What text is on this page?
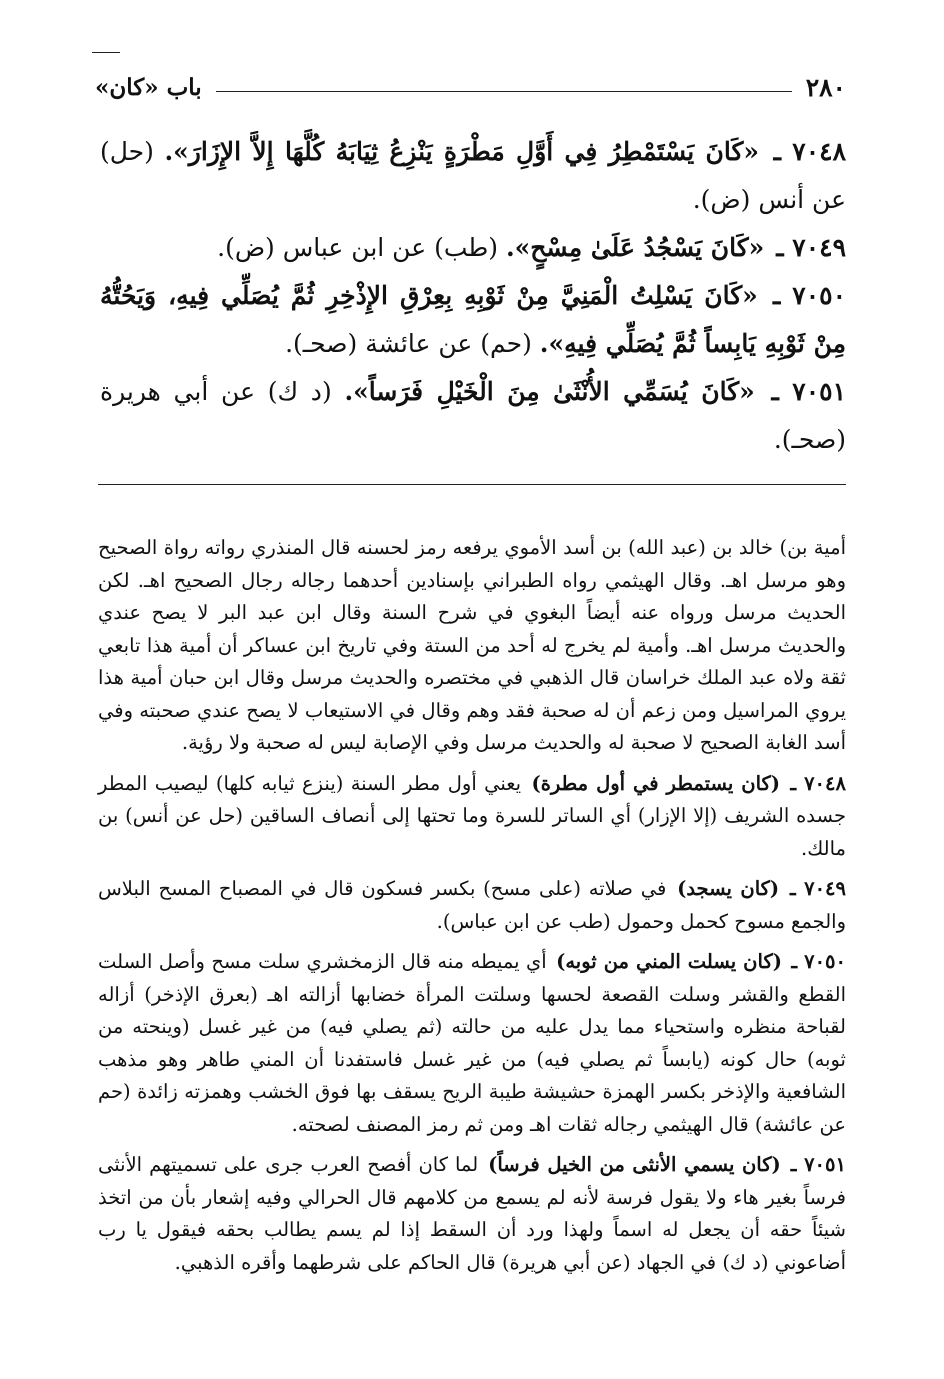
٢٨٠
باب «كان»

٧٠٤٨ ـ «كَانَ يَسْتَمْطِرُ فِي أَوَّلِ مَطْرَةٍ يَنْزِعُ ثِيَابَهُ كُلَّهَا إِلاَّ الإِزَارَ». (حل) عن أنس (ض).

٧٠٤٩ ـ «كَانَ يَسْجُدُ عَلَىٰ مِسْحٍ». (طب) عن ابن عباس (ض).

٧٠٥٠ ـ «كَانَ يَسْلِتُ الْمَنِيَّ مِنْ ثَوْبِهِ بِعِرْقِ الإِذْخِرِ ثُمَّ يُصَلِّي فِيهِ، وَيَحُتُّهُ مِنْ ثَوْبِهِ يَابِساً ثُمَّ يُصَلِّي فِيهِ». (حم) عن عائشة (صحـ).

٧٠٥١ ـ «كَانَ يُسَمِّي الأُنْثَىٰ مِنَ الْخَيْلِ فَرَساً». (د ك) عن أبي هريرة (صحـ).

أمية بن) خالد بن (عبد الله) بن أسد الأموي يرفعه رمز لحسنه قال المنذري رواته رواة الصحيح وهو مرسل اهـ. وقال الهيثمي رواه الطبراني بإسنادين أحدهما رجاله رجال الصحيح اهـ. لكن الحديث مرسل ورواه عنه أيضاً البغوي في شرح السنة وقال ابن عبد البر لا يصح عندي والحديث مرسل اهـ. وأمية لم يخرج له أحد من الستة وفي تاريخ ابن عساكر أن أمية هذا تابعي ثقة ولاه عبد الملك خراسان قال الذهبي في مختصره والحديث مرسل وقال ابن حبان أمية هذا يروي المراسيل ومن زعم أن له صحبة فقد وهم وقال في الاستيعاب لا يصح عندي صحبته وفي أسد الغابة الصحيح لا صحبة له والحديث مرسل وفي الإصابة ليس له صحبة ولا رؤية.

٧٠٤٨ ـ (كان يستمطر في أول مطرة) يعني أول مطر السنة (ينزع ثيابه كلها) ليصيب المطر جسده الشريف (إلا الإزار) أي الساتر للسرة وما تحتها إلى أنصاف الساقين (حل عن أنس) بن مالك.

٧٠٤٩ ـ (كان يسجد) في صلاته (على مسح) بكسر فسكون قال في المصباح المسح البلاس والجمع مسوح كحمل وحمول (طب عن ابن عباس).

٧٠٥٠ ـ (كان يسلت المني من ثوبه) أي يميطه منه قال الزمخشري سلت مسح وأصل السلت القطع والقشر وسلت القصعة لحسها وسلتت المرأة خضابها أزالته اهـ (بعرق الإذخر) أزاله لقباحة منظره واستحياء مما يدل عليه من حالته (ثم يصلي فيه) من غير غسل (وينحته من ثوبه) حال كونه (يابساً ثم يصلي فيه) من غير غسل فاستفدنا أن المني طاهر وهو مذهب الشافعية والإذخر بكسر الهمزة حشيشة طيبة الريح يسقف بها فوق الخشب وهمزته زائدة (حم عن عائشة) قال الهيثمي رجاله ثقات اهـ ومن ثم رمز المصنف لصحته.

٧٠٥١ ـ (كان يسمي الأنثى من الخيل فرساً) لما كان أفصح العرب جرى على تسميتهم الأنثى فرساً بغير هاء ولا يقول فرسة لأنه لم يسمع من كلامهم قال الحرالي وفيه إشعار بأن من اتخذ شيئاً حقه أن يجعل له اسماً ولهذا ورد أن السقط إذا لم يسم يطالب بحقه فيقول يا رب أضاعوني (د ك) في الجهاد (عن أبي هريرة) قال الحاكم على شرطهما وأقره الذهبي.
